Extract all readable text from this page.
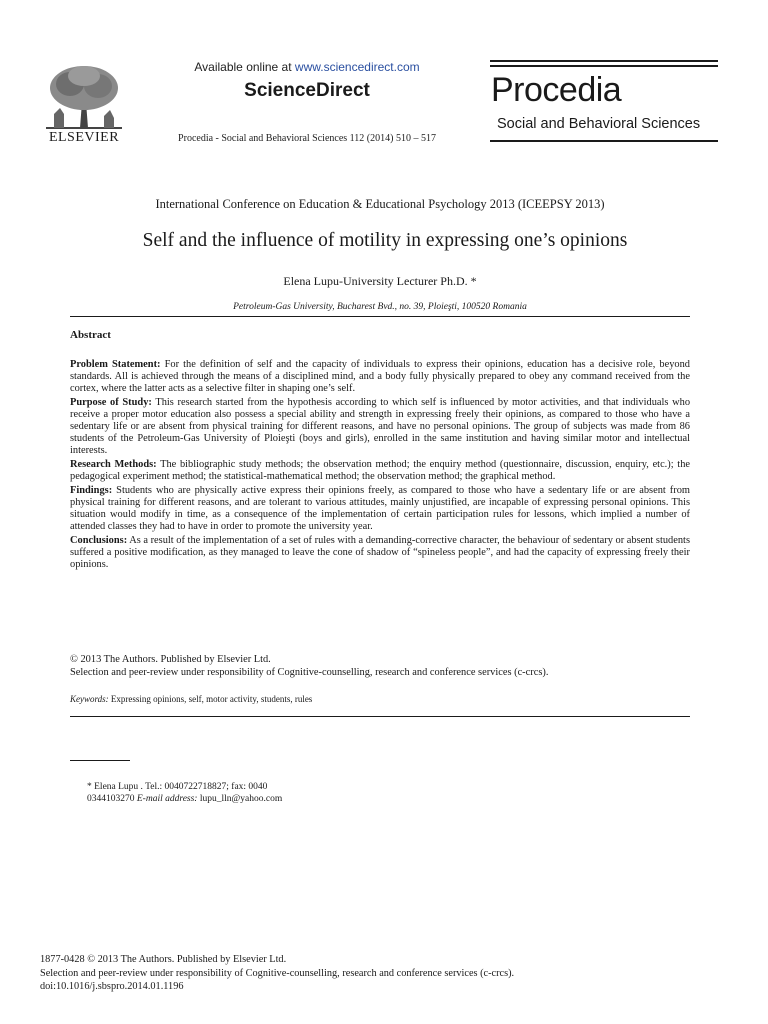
ELSEVIER
Available online at www.sciencedirect.com
ScienceDirect
Procedia - Social and Behavioral Sciences 112 (2014) 510 – 517
Procedia
Social and Behavioral Sciences
International Conference on Education & Educational Psychology 2013 (ICEEPSY 2013)
Self and the influence of motility in expressing one’s opinions
Elena Lupu-University Lecturer Ph.D. *
Petroleum-Gas University, Bucharest Bvd., no. 39, Ploieşti, 100520 Romania
Abstract

Problem Statement: For the definition of self and the capacity of individuals to express their opinions, education has a decisive role, beyond standards. All is achieved through the means of a disciplined mind, and a body fully physically prepared to obey any command received from the cortex, where the latter acts as a selective filter in shaping one’s self.

Purpose of Study: This research started from the hypothesis according to which self is influenced by motor activities, and that individuals who receive a proper motor education also possess a special ability and strength in expressing freely their opinions, as compared to those who have a sedentary life or are absent from physical training for different reasons, and have no personal opinions. The group of subjects was made from 86 students of the Petroleum-Gas University of Ploieşti (boys and girls), enrolled in the same institution and having similar motor and intellectual interests.

Research Methods: The bibliographic study methods; the observation method; the enquiry method (questionnaire, discussion, enquiry, etc.); the pedagogical experiment method; the statistical-mathematical method; the observation method; the graphical method.

Findings: Students who are physically active express their opinions freely, as compared to those who have a sedentary life or are absent from physical training for different reasons, and are tolerant to various attitudes, mainly unjustified, are incapable of expressing personal opinions. This situation would modify in time, as a consequence of the implementation of certain participation rules for lessons, which implied a number of attended classes they had to have in order to promote the university year.

Conclusions: As a result of the implementation of a set of rules with a demanding-corrective character, the behaviour of sedentary or absent students suffered a positive modification, as they managed to leave the cone of shadow of “spineless people”, and had the capacity of expressing freely their opinions.

© 2013 The Authors. Published by Elsevier Ltd.
Selection and peer-review under responsibility of Cognitive-counselling, research and conference services (c-crcs).
Keywords: Expressing opinions, self, motor activity, students, rules
* Elena Lupu . Tel.: 0040722718827; fax: 0040
0344103270 E-mail address: lupu_lln@yahoo.com
1877-0428 © 2013 The Authors. Published by Elsevier Ltd.
Selection and peer-review under responsibility of Cognitive-counselling, research and conference services (c-crcs).
doi:10.1016/j.sbspro.2014.01.1196
